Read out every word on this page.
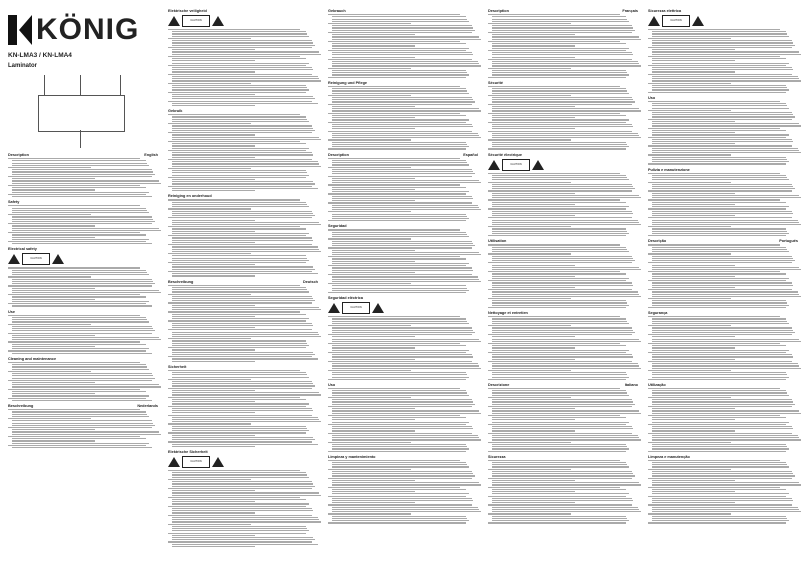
KÖNIG
KN-LMA3 / KN-LMA4
Laminator
Description	English
Safety
Electrical safety
CAUTION
Use
Cleaning and maintenance
Beschreibung	Nederlands
Elektrische veiligheid
CAUTION
Gebruik
Reiniging en onderhoud
Beschreibung	Deutsch
Sicherheit
Elektrische Sicherheit
CAUTION
Gebrauch
Reinigung und Pflege
Description	Español
Seguridad
Seguridad eléctrica
CAUTION
Uso
Limpieza y mantenimiento
Description	Français
Sécurité
Sécurité électrique
CAUTION
Utilisation
Nettoyage et entretien
Descrizione	Italiano
Sicurezza
Sicurezza elettrica
CAUTION
Uso
Pulizia e manutenzione
Descrição	Português
Segurança
Utilização
Limpeza e manutenção
